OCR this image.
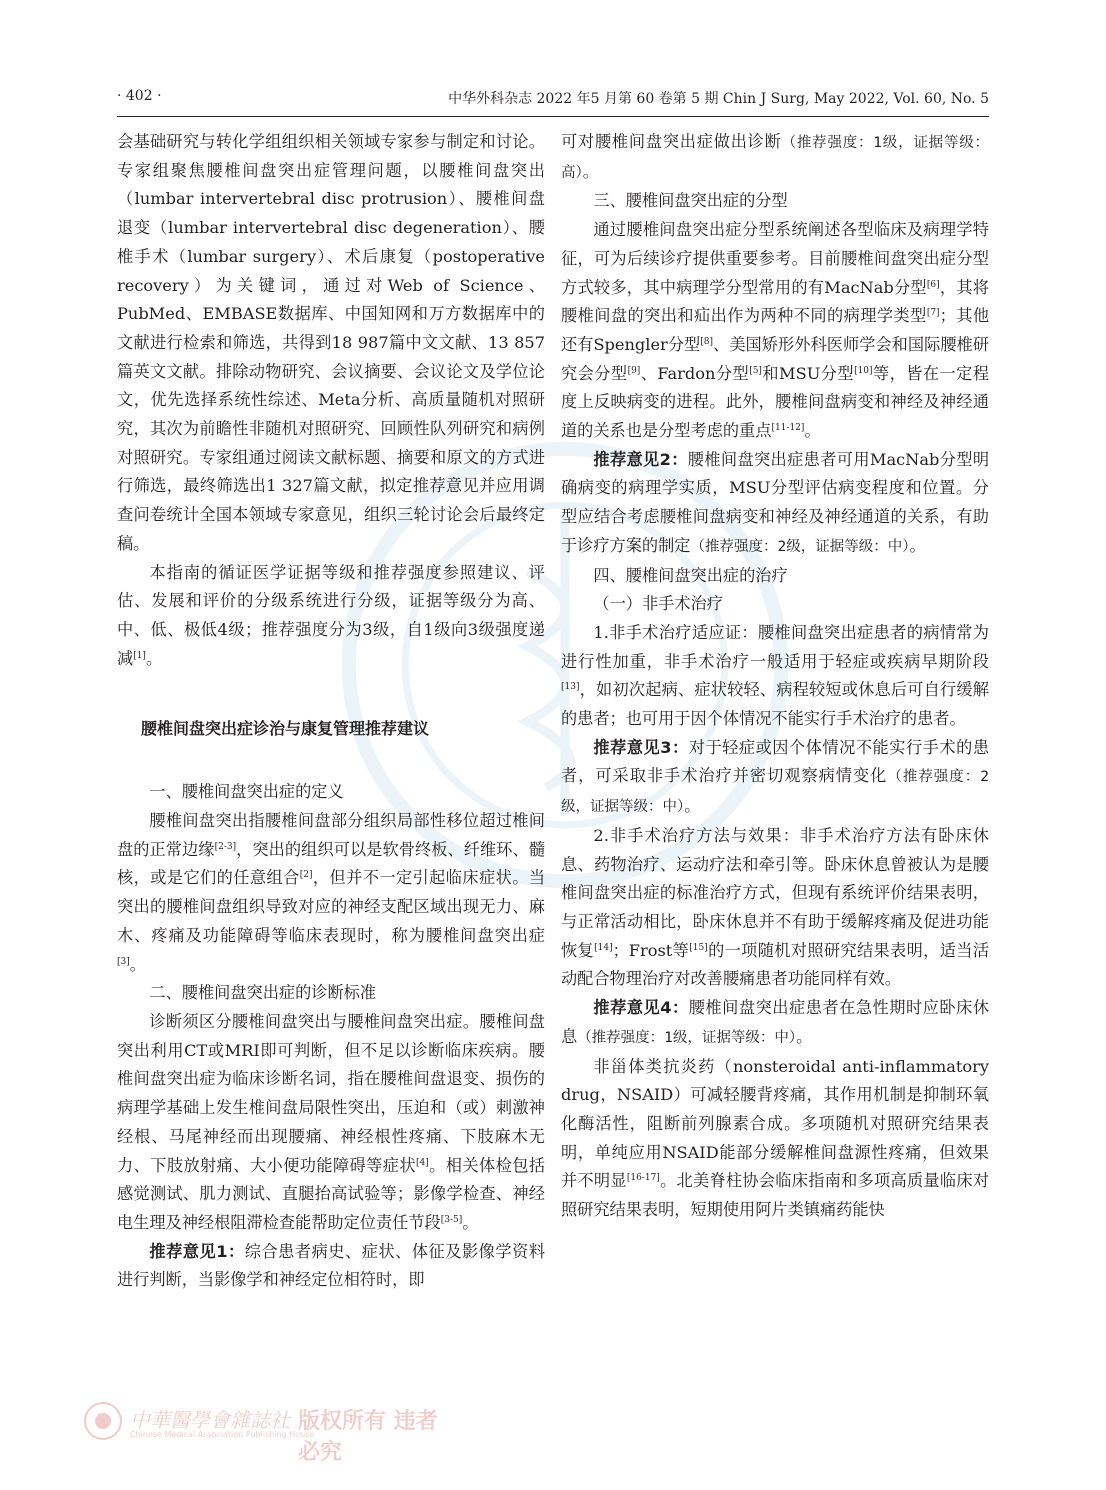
· 402 ·	中华外科杂志 2022 年5 月第 60 卷第 5 期 Chin J Surg, May 2022, Vol. 60, No. 5

会基础研究与转化学组组织相关领域专家参与制定和讨论。专家组聚焦腰椎间盘突出症管理问题，以腰椎间盘突出（lumbar intervertebral disc protrusion）、腰椎间盘退变（lumbar intervertebral disc degeneration）、腰椎手术（lumbar surgery）、术后康复（postoperative recovery）为关键词，通过对Web of Science、PubMed、EMBASE数据库、中国知网和万方数据库中的文献进行检索和筛选，共得到18 987篇中文文献、13 857篇英文文献。排除动物研究、会议摘要、会议论文及学位论文，优先选择系统性综述、Meta分析、高质量随机对照研究，其次为前瞻性非随机对照研究、回顾性队列研究和病例对照研究。专家组通过阅读文献标题、摘要和原文的方式进行筛选，最终筛选出1 327篇文献，拟定推荐意见并应用调查问卷统计全国本领域专家意见，组织三轮讨论会后最终定稿。

本指南的循证医学证据等级和推荐强度参照建议、评估、发展和评价的分级系统进行分级，证据等级分为高、中、低、极低4级；推荐强度分为3级，自1级向3级强度递减[1]。

腰椎间盘突出症诊治与康复管理推荐建议

一、腰椎间盘突出症的定义

腰椎间盘突出指腰椎间盘部分组织局部性移位超过椎间盘的正常边缘[2-3]，突出的组织可以是软骨终板、纤维环、髓核，或是它们的任意组合[2]，但并不一定引起临床症状。当突出的腰椎间盘组织导致对应的神经支配区域出现无力、麻木、疼痛及功能障碍等临床表现时，称为腰椎间盘突出症[3]。

二、腰椎间盘突出症的诊断标准

诊断须区分腰椎间盘突出与腰椎间盘突出症。腰椎间盘突出利用CT或MRI即可判断，但不足以诊断临床疾病。腰椎间盘突出症为临床诊断名词，指在腰椎间盘退变、损伤的病理学基础上发生椎间盘局限性突出，压迫和（或）刺激神经根、马尾神经而出现腰痛、神经根性疼痛、下肢麻木无力、下肢放射痛、大小便功能障碍等症状[4]。相关体检包括感觉测试、肌力测试、直腿抬高试验等；影像学检查、神经电生理及神经根阻滞检查能帮助定位责任节段[3-5]。

推荐意见1：综合患者病史、症状、体征及影像学资料进行判断，当影像学和神经定位相符时，即

可对腰椎间盘突出症做出诊断（推荐强度：1级，证据等级：高）。

三、腰椎间盘突出症的分型

通过腰椎间盘突出症分型系统阐述各型临床及病理学特征，可为后续诊疗提供重要参考。目前腰椎间盘突出症分型方式较多，其中病理学分型常用的有MacNab分型[6]，其将腰椎间盘的突出和疝出作为两种不同的病理学类型[7]；其他还有Spengler分型[8]、美国矫形外科医师学会和国际腰椎研究会分型[9]、Fardon分型[5]和MSU分型[10]等，皆在一定程度上反映病变的进程。此外，腰椎间盘病变和神经及神经通道的关系也是分型考虑的重点[11-12]。

推荐意见2：腰椎间盘突出症患者可用MacNab分型明确病变的病理学实质，MSU分型评估病变程度和位置。分型应结合考虑腰椎间盘病变和神经及神经通道的关系，有助于诊疗方案的制定（推荐强度：2级，证据等级：中）。

四、腰椎间盘突出症的治疗

（一）非手术治疗

1.非手术治疗适应证：腰椎间盘突出症患者的病情常为进行性加重，非手术治疗一般适用于轻症或疾病早期阶段[13]，如初次起病、症状较轻、病程较短或休息后可自行缓解的患者；也可用于因个体情况不能实行手术治疗的患者。

推荐意见3：对于轻症或因个体情况不能实行手术的患者，可采取非手术治疗并密切观察病情变化（推荐强度：2级，证据等级：中）。

2.非手术治疗方法与效果：非手术治疗方法有卧床休息、药物治疗、运动疗法和牵引等。卧床休息曾被认为是腰椎间盘突出症的标准治疗方式，但现有系统评价结果表明，与正常活动相比，卧床休息并不有助于缓解疼痛及促进功能恢复[14]；Frost等[15]的一项随机对照研究结果表明，适当活动配合物理治疗对改善腰痛患者功能同样有效。

推荐意见4：腰椎间盘突出症患者在急性期时应卧床休息（推荐强度：1级，证据等级：中）。

非甾体类抗炎药（nonsteroidal anti-inflammatory drug，NSAID）可减轻腰背疼痛，其作用机制是抑制环氧化酶活性，阻断前列腺素合成。多项随机对照研究结果表明，单纯应用NSAID能部分缓解椎间盘源性疼痛，但效果并不明显[16-17]。北美脊柱协会临床指南和多项高质量临床对照研究结果表明，短期使用阿片类镇痛药能快

中華醫學會雜誌社
Chinese Medical Association Publishing House
版权所有 违者必究
